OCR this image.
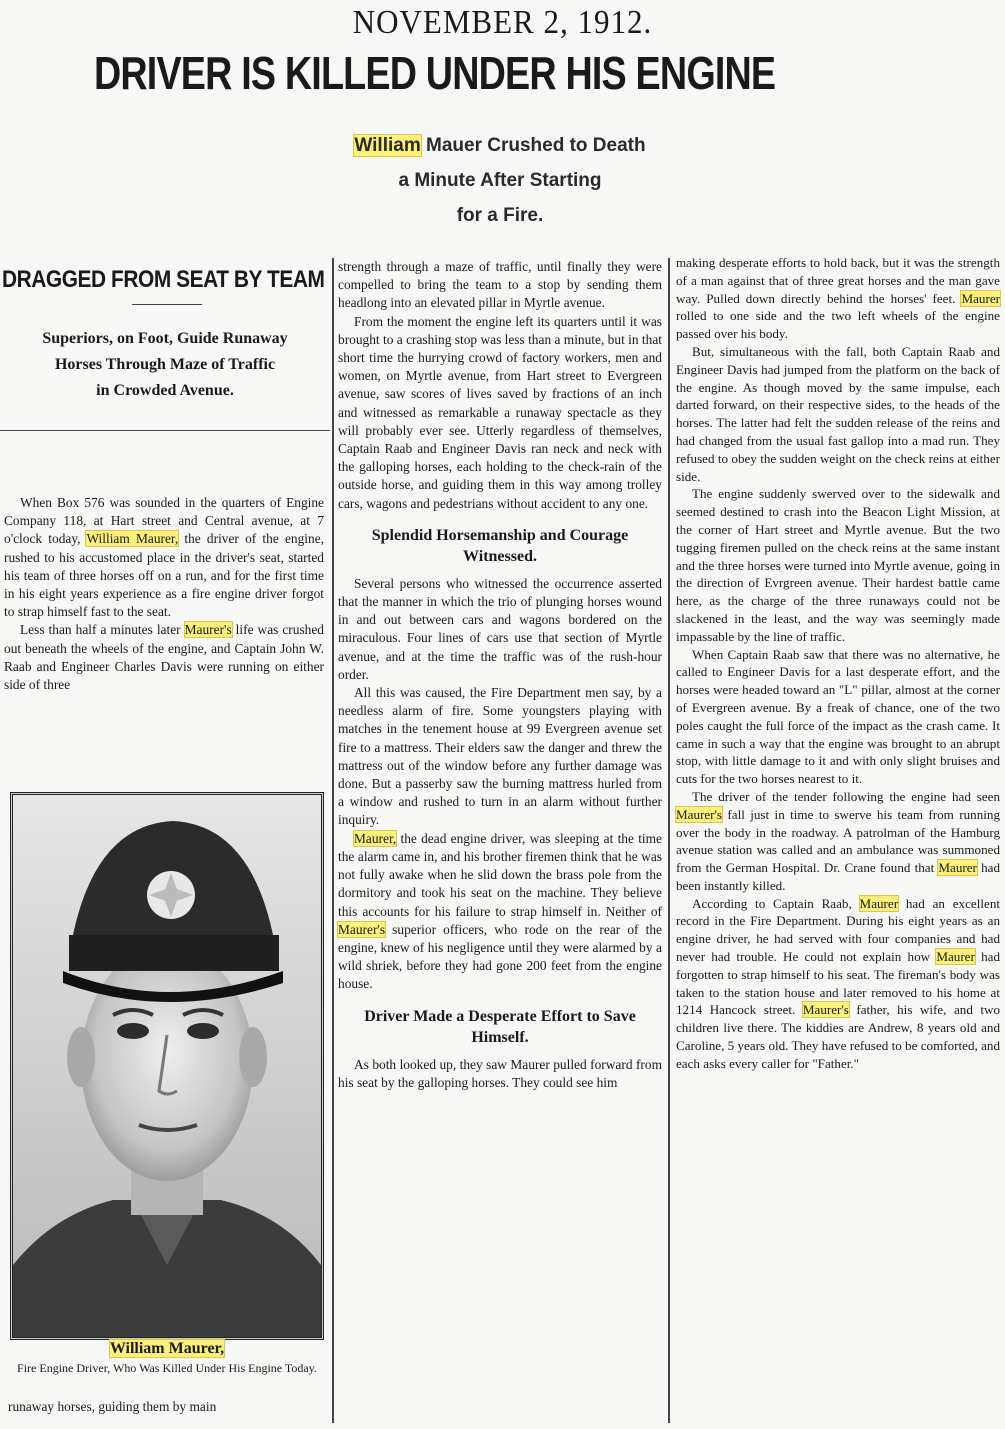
NOVEMBER 2, 1912.
DRIVER IS KILLED UNDER HIS ENGINE
William Mauer Crushed to Death
a Minute After Starting
for a Fire.
DRAGGED FROM SEAT BY TEAM
Superiors, on Foot, Guide Runaway
Horses Through Maze of Traffic
in Crowded Avenue.

When Box 576 was sounded in the quarters of Engine Company 118, at Hart street and Central avenue, at 7 o'clock today, William Maurer, the driver of the engine, rushed to his accustomed place in the driver's seat, started his team of three horses off on a run, and for the first time in his eight years experience as a fire engine driver forgot to strap himself fast to the seat.

Less than half a minutes later Maurer's life was crushed out beneath the wheels of the engine, and Captain John W. Raab and Engineer Charles Davis were running on either side of three

William Maurer,
Fire Engine Driver, Who Was Killed Under His Engine Today.
runaway horses, guiding them by main

strength through a maze of traffic, until finally they were compelled to bring the team to a stop by sending them headlong into an elevated pillar in Myrtle avenue.

From the moment the engine left its quarters until it was brought to a crashing stop was less than a minute, but in that short time the hurrying crowd of factory workers, men and women, on Myrtle avenue, from Hart street to Evergreen avenue, saw scores of lives saved by fractions of an inch and witnessed as remarkable a runaway spectacle as they will probably ever see. Utterly regardless of themselves, Captain Raab and Engineer Davis ran neck and neck with the galloping horses, each holding to the check-rain of the outside horse, and guiding them in this way among trolley cars, wagons and pedestrians without accident to any one.

Splendid Horsemanship and Courage Witnessed.

Several persons who witnessed the occurrence asserted that the manner in which the trio of plunging horses wound in and out between cars and wagons bordered on the miraculous. Four lines of cars use that section of Myrtle avenue, and at the time the traffic was of the rush-hour order.

All this was caused, the Fire Department men say, by a needless alarm of fire. Some youngsters playing with matches in the tenement house at 99 Evergreen avenue set fire to a mattress. Their elders saw the danger and threw the mattress out of the window before any further damage was done. But a passerby saw the burning mattress hurled from a window and rushed to turn in an alarm without further inquiry.

Maurer, the dead engine driver, was sleeping at the time the alarm came in, and his brother firemen think that he was not fully awake when he slid down the brass pole from the dormitory and took his seat on the machine. They believe this accounts for his failure to strap himself in. Neither of Maurer's superior officers, who rode on the rear of the engine, knew of his negligence until they were alarmed by a wild shriek, before they had gone 200 feet from the engine house.

Driver Made a Desperate Effort to Save Himself.

As both looked up, they saw Maurer pulled forward from his seat by the galloping horses. They could see him

making desperate efforts to hold back, but it was the strength of a man against that of three great horses and the man gave way. Pulled down directly behind the horses' feet. Maurer rolled to one side and the two left wheels of the engine passed over his body.

But, simultaneous with the fall, both Captain Raab and Engineer Davis had jumped from the platform on the back of the engine. As though moved by the same impulse, each darted forward, on their respective sides, to the heads of the horses. The latter had felt the sudden release of the reins and had changed from the usual fast gallop into a mad run. They refused to obey the sudden weight on the check reins at either side.

The engine suddenly swerved over to the sidewalk and seemed destined to crash into the Beacon Light Mission, at the corner of Hart street and Myrtle avenue. But the two tugging firemen pulled on the check reins at the same instant and the three horses were turned into Myrtle avenue, going in the direction of Evrgreen avenue. Their hardest battle came here, as the charge of the three runaways could not be slackened in the least, and the way was seemingly made impassable by the line of traffic.

When Captain Raab saw that there was no alternative, he called to Engineer Davis for a last desperate effort, and the horses were headed toward an "L" pillar, almost at the corner of Evergreen avenue. By a freak of chance, one of the two poles caught the full force of the impact as the crash came. It came in such a way that the engine was brought to an abrupt stop, with little damage to it and with only slight bruises and cuts for the two horses nearest to it.

The driver of the tender following the engine had seen Maurer's fall just in time to swerve his team from running over the body in the roadway. A patrolman of the Hamburg avenue station was called and an ambulance was summoned from the German Hospital. Dr. Crane found that Maurer had been instantly killed.

According to Captain Raab, Maurer had an excellent record in the Fire Department. During his eight years as an engine driver, he had served with four companies and had never had trouble. He could not explain how Maurer had forgotten to strap himself to his seat. The fireman's body was taken to the station house and later removed to his home at 1214 Hancock street. Maurer's father, his wife, and two children live there. The kiddies are Andrew, 8 years old and Caroline, 5 years old. They have refused to be comforted, and each asks every caller for "Father."
